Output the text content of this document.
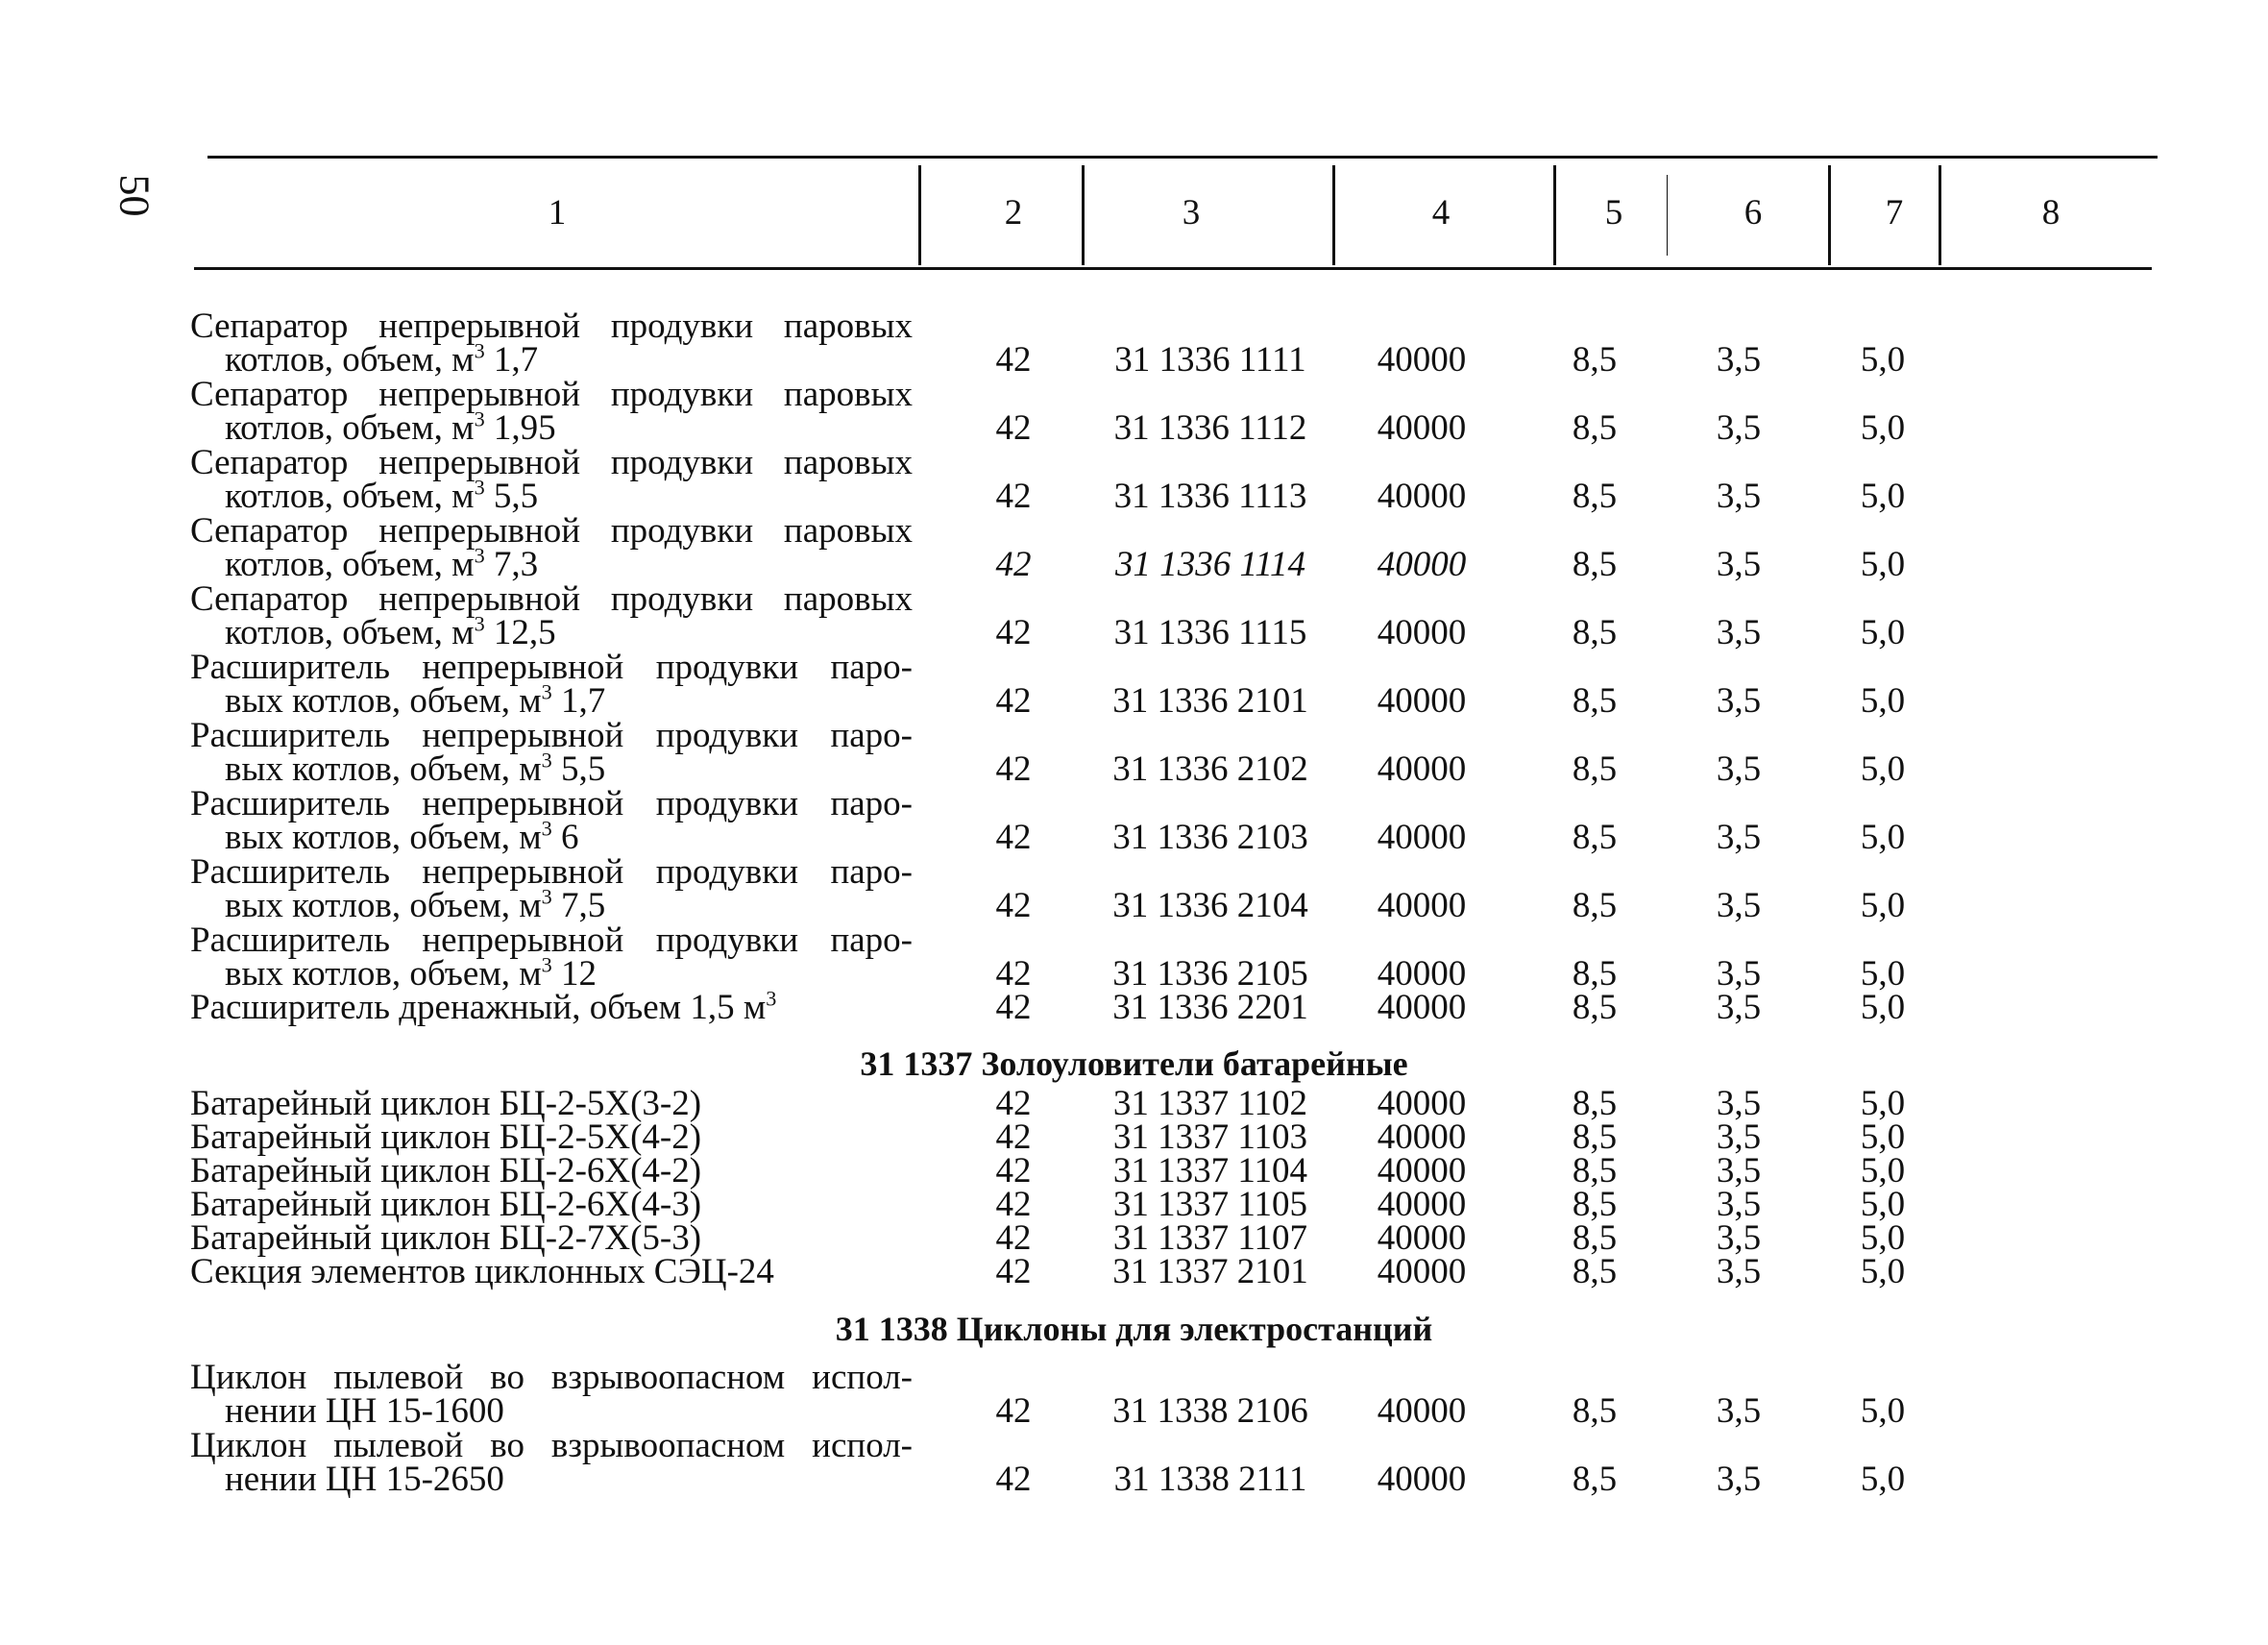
50	1	2	3	4	5	6	7	8
Сепаратор непрерывной продувки паровых
котлов, объем, $м^3$ 1,7	42	31 1336 1111	40000	8,5	3,5	5,0
Сепаратор непрерывной продувки паровых
котлов, объем, $м^3$ 1,95	42	31 1336 1112	40000	8,5	3,5	5,0
Сепаратор непрерывной продувки паровых
котлов, объем, $м^3$ 5,5	42	31 1336 1113	40000	8,5	3,5	5,0
Сепаратор непрерывной продувки паровых
котлов, объем, $м^3$ 7,3	42	31 1336 1114	40000	8,5	3,5	5,0
Сепаратор непрерывной продувки паровых
котлов, объем, $м^3$ 12,5	42	31 1336 1115	40000	8,5	3,5	5,0
Расширитель непрерывной продувки паро-
вых котлов, объем, $м^3$ 1,7	42	31 1336 2101	40000	8,5	3,5	5,0
Расширитель непрерывной продувки паро-
вых котлов, объем, $м^3$ 5,5	42	31 1336 2102	40000	8,5	3,5	5,0
Расширитель непрерывной продувки паро-
вых котлов, объем, $м^3$ 6	42	31 1336 2103	40000	8,5	3,5	5,0
Расширитель непрерывной продувки паро-
вых котлов, объем, $м^3$ 7,5	42	31 1336 2104	40000	8,5	3,5	5,0
Расширитель непрерывной продувки паро-
вых котлов, объем, $м^3$ 12	42	31 1336 2105	40000	8,5	3,5	5,0
Расширитель дренажный, объем 1,5 $м^3$	42	31 1336 2201	40000	8,5	3,5	5,0
31 1337 Золоуловители батарейные
Батарейный циклон БЦ-2-5Х(3-2)	42	31 1337 1102	40000	8,5	3,5	5,0
Батарейный циклон БЦ-2-5Х(4-2)	42	31 1337 1103	40000	8,5	3,5	5,0
Батарейный циклон БЦ-2-6Х(4-2)	42	31 1337 1104	40000	8,5	3,5	5,0
Батарейный циклон БЦ-2-6Х(4-3)	42	31 1337 1105	40000	8,5	3,5	5,0
Батарейный циклон БЦ-2-7Х(5-3)	42	31 1337 1107	40000	8,5	3,5	5,0
Секция элементов циклонных СЭЦ-24	42	31 1337 2101	40000	8,5	3,5	5,0
31 1338 Циклоны для электростанций
Циклон пылевой во взрывоопасном испол-
нении ЦН 15-1600	42	31 1338 2106	40000	8,5	3,5	5,0
Циклон пылевой во взрывоопасном испол-
нении ЦН 15-2650	42	31 1338 2111	40000	8,5	3,5	5,0
